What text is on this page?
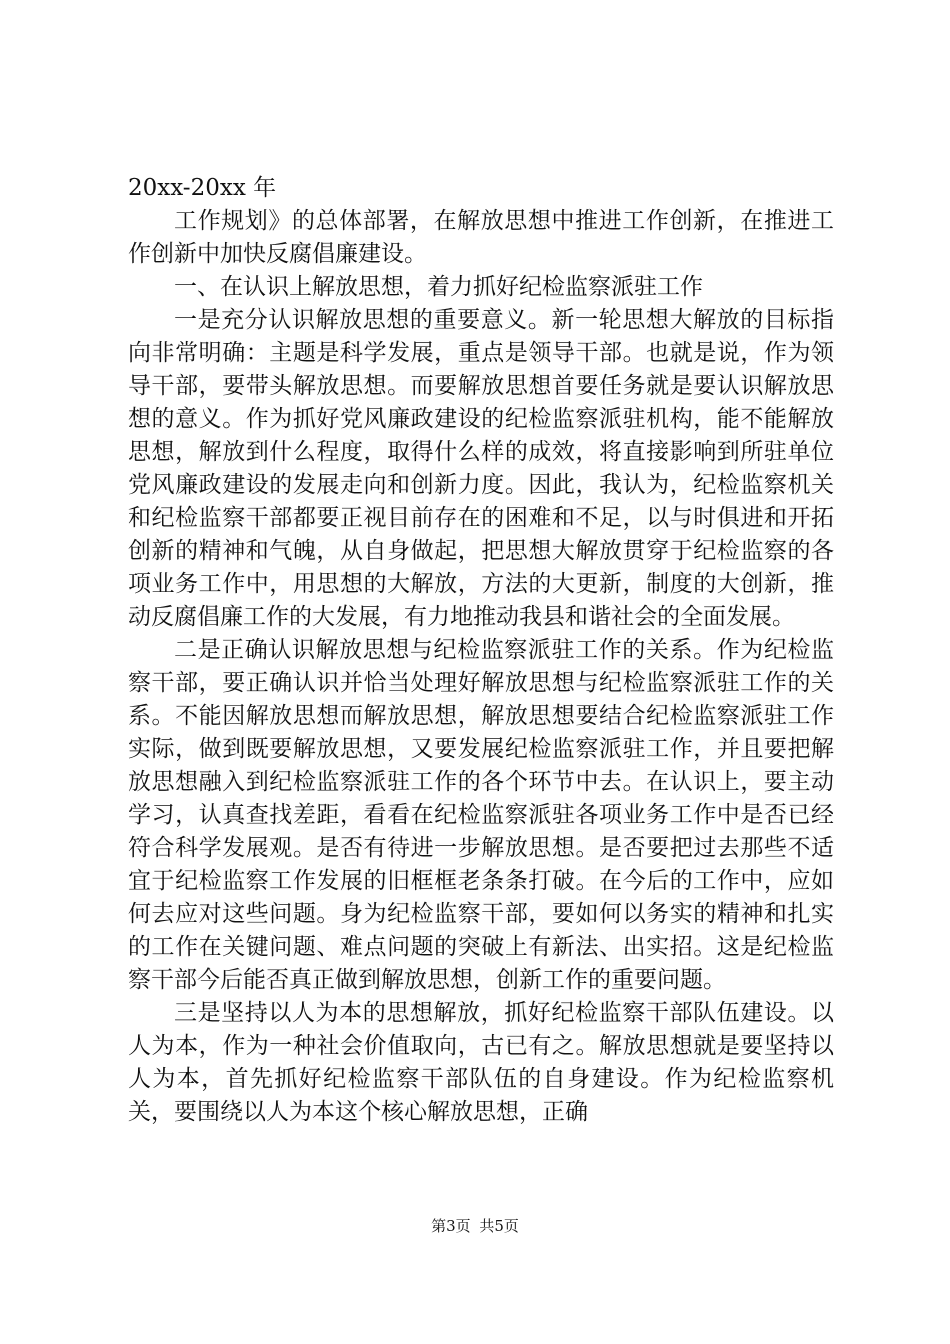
20xx-20xx 年

工作规划》的总体部署，在解放思想中推进工作创新，在推进工作创新中加快反腐倡廉建设。

一、在认识上解放思想，着力抓好纪检监察派驻工作

一是充分认识解放思想的重要意义。新一轮思想大解放的目标指向非常明确：主题是科学发展，重点是领导干部。也就是说，作为领导干部，要带头解放思想。而要解放思想首要任务就是要认识解放思想的意义。作为抓好党风廉政建设的纪检监察派驻机构，能不能解放思想，解放到什么程度，取得什么样的成效，将直接影响到所驻单位党风廉政建设的发展走向和创新力度。因此，我认为，纪检监察机关和纪检监察干部都要正视目前存在的困难和不足，以与时俱进和开拓创新的精神和气魄，从自身做起，把思想大解放贯穿于纪检监察的各项业务工作中，用思想的大解放，方法的大更新，制度的大创新，推动反腐倡廉工作的大发展，有力地推动我县和谐社会的全面发展。

二是正确认识解放思想与纪检监察派驻工作的关系。作为纪检监察干部，要正确认识并恰当处理好解放思想与纪检监察派驻工作的关系。不能因解放思想而解放思想，解放思想要结合纪检监察派驻工作实际，做到既要解放思想，又要发展纪检监察派驻工作，并且要把解放思想融入到纪检监察派驻工作的各个环节中去。在认识上，要主动学习，认真查找差距，看看在纪检监察派驻各项业务工作中是否已经符合科学发展观。是否有待进一步解放思想。是否要把过去那些不适宜于纪检监察工作发展的旧框框老条条打破。在今后的工作中，应如何去应对这些问题。身为纪检监察干部，要如何以务实的精神和扎实的工作在关键问题、难点问题的突破上有新法、出实招。这是纪检监察干部今后能否真正做到解放思想，创新工作的重要问题。

三是坚持以人为本的思想解放，抓好纪检监察干部队伍建设。以人为本，作为一种社会价值取向，古已有之。解放思想就是要坚持以人为本，首先抓好纪检监察干部队伍的自身建设。作为纪检监察机关，要围绕以人为本这个核心解放思想，正确

第3页 共5页
